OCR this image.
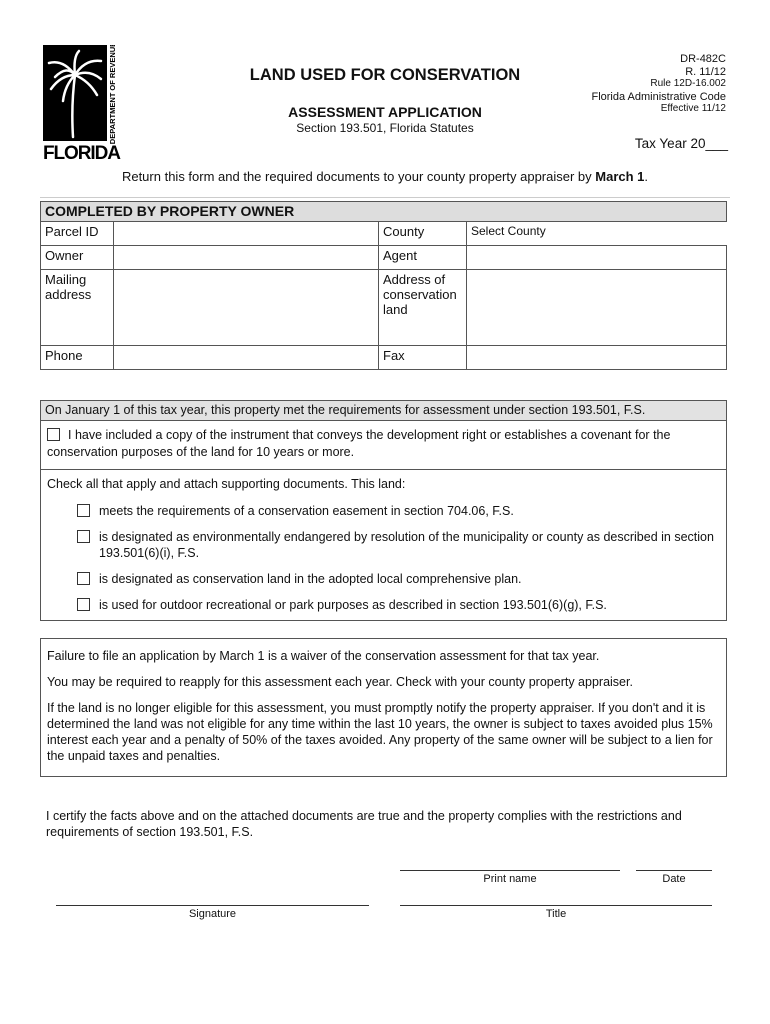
DEPARTMENT OF REVENUE
FLORIDA
LAND USED FOR CONSERVATION
ASSESSMENT APPLICATION
Section 193.501, Florida Statutes
DR-482C
R. 11/12
Rule 12D-16.002
Florida Administrative Code
Effective 11/12
Tax Year 20___
Return this form and the required documents to your county property appraiser by March 1.
COMPLETED BY PROPERTY OWNER			
Parcel ID		County	Select County
Owner		Agent	
Mailing address		Address of conservation land	
Phone		Fax	
On January 1 of this tax year, this property met the requirements for assessment under section 193.501, F.S.
I have included a copy of the instrument that conveys the development right or establishes a covenant for the conservation purposes of the land for 10 years or more.

Check all that apply and attach supporting documents. This land:

meets the requirements of a conservation easement in section 704.06, F.S.
is designated as environmentally endangered by resolution of the municipality or county as described in section 193.501(6)(i), F.S.
is designated as conservation land in the adopted local comprehensive plan.
is used for outdoor recreational or park purposes as described in section 193.501(6)(g), F.S.

Failure to file an application by March 1 is a waiver of the conservation assessment for that tax year.

You may be required to reapply for this assessment each year. Check with your county property appraiser.

If the land is no longer eligible for this assessment, you must promptly notify the property appraiser. If you don't and it is determined the land was not eligible for any time within the last 10 years, the owner is subject to taxes avoided plus 15% interest each year and a penalty of 50% of the taxes avoided. Any property of the same owner will be subject to a lien for the unpaid taxes and penalties.

I certify the facts above and on the attached documents are true and the property complies with the restrictions and requirements of section 193.501, F.S.

Print name	Date
Signature	Title
